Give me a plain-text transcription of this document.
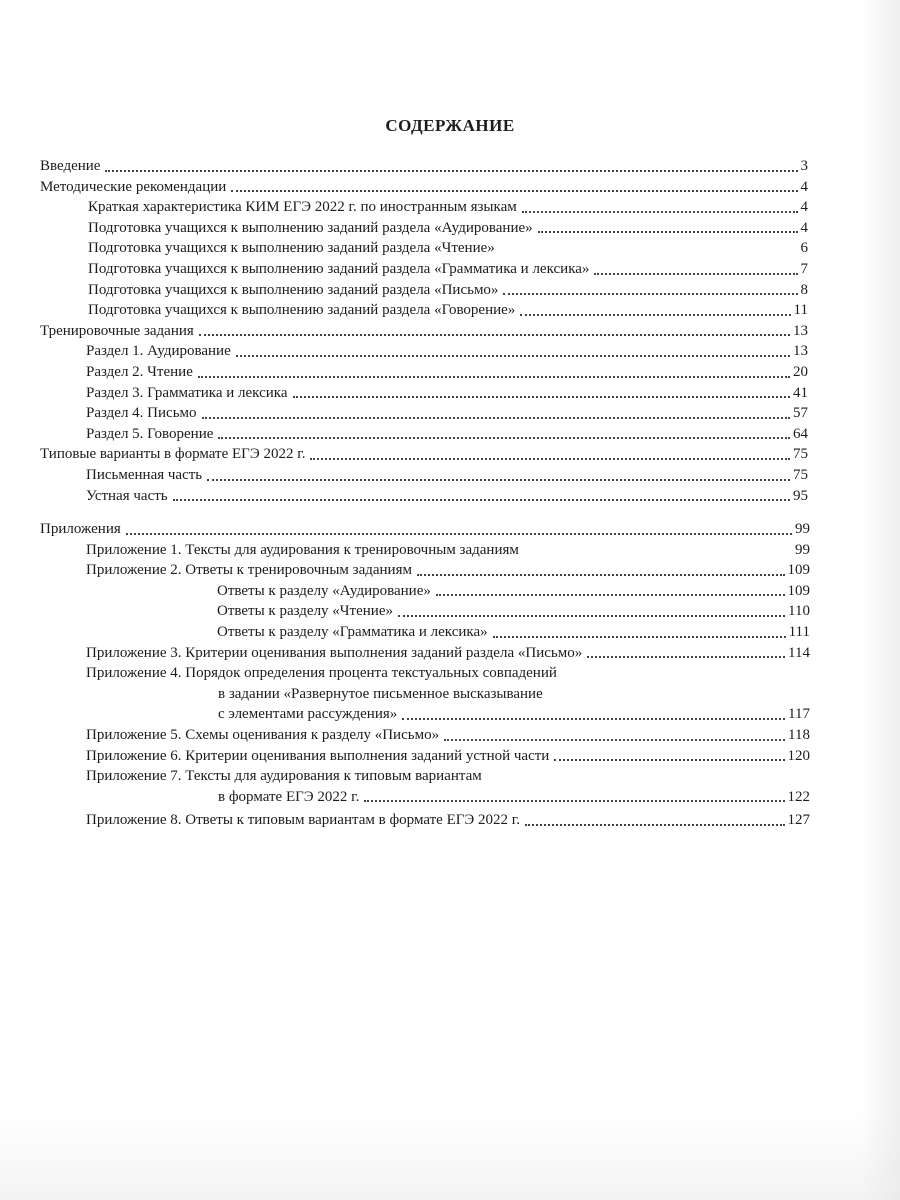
СОДЕРЖАНИЕ
Введение	3
Методические рекомендации	4
Краткая характеристика КИМ ЕГЭ 2022 г. по иностранным языкам	4
Подготовка учащихся к выполнению заданий раздела «Аудирование»	4
Подготовка учащихся к выполнению заданий раздела «Чтение»	6
Подготовка учащихся к выполнению заданий раздела «Грамматика и лексика»	7
Подготовка учащихся к выполнению заданий раздела «Письмо»	8
Подготовка учащихся к выполнению заданий раздела «Говорение»	11
Тренировочные задания	13
Раздел 1. Аудирование	13
Раздел 2. Чтение	20
Раздел 3. Грамматика и лексика	41
Раздел 4. Письмо	57
Раздел 5. Говорение	64
Типовые варианты в формате ЕГЭ 2022 г.	75
Письменная часть	75
Устная часть	95
Приложения	99
Приложение 1. Тексты для аудирования к тренировочным заданиям	99
Приложение 2. Ответы к тренировочным заданиям	109
Ответы к разделу «Аудирование»	109
Ответы к разделу «Чтение»	110
Ответы к разделу «Грамматика и лексика»	111
Приложение 3. Критерии оценивания выполнения заданий раздела «Письмо»	114
Приложение 4. Порядок определения процента текстуальных совпадений
в задании «Развернутое письменное высказывание
с элементами рассуждения»	117
Приложение 5. Схемы оценивания к разделу «Письмо»	118
Приложение 6. Критерии оценивания выполнения заданий устной части	120
Приложение 7. Тексты для аудирования к типовым вариантам
в формате ЕГЭ 2022 г.	122
Приложение 8. Ответы к типовым вариантам в формате ЕГЭ 2022 г.	127
